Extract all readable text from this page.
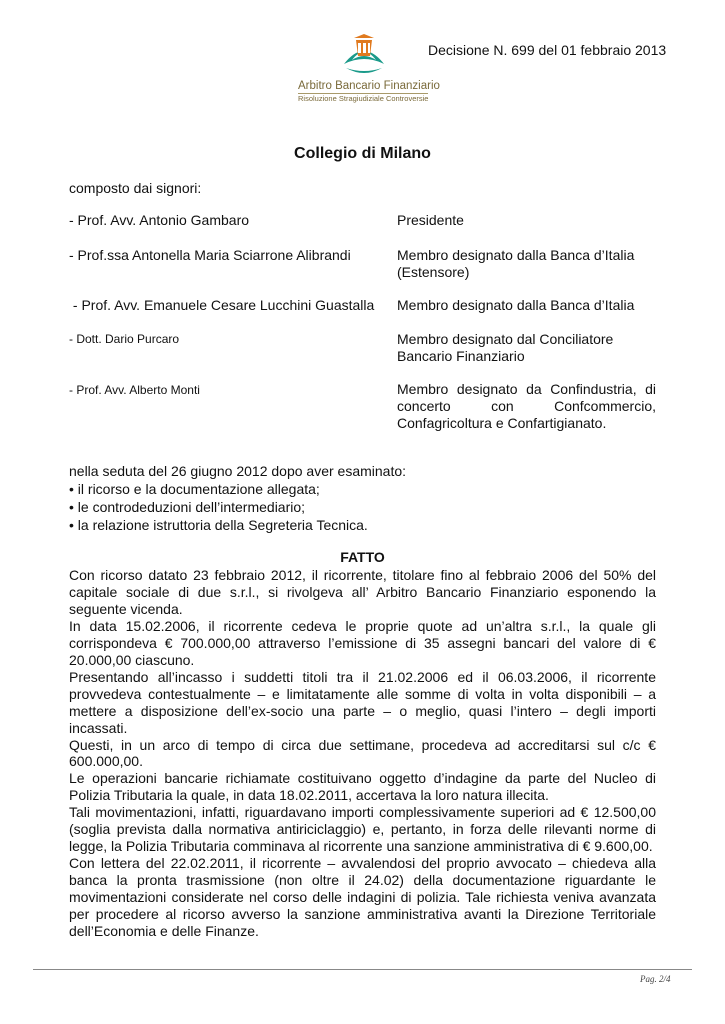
Decisione N. 699 del 01 febbraio 2013
Arbitro Bancario Finanziario
Risoluzione Stragiudiziale Controversie
Collegio di Milano
composto dai signori:
- Prof. Avv. Antonio Gambaro	Presidente
- Prof.ssa Antonella Maria Sciarrone Alibrandi	Membro designato dalla Banca d’Italia
(Estensore)
- Prof. Avv. Emanuele Cesare Lucchini Guastalla	Membro designato dalla Banca d’Italia
- Dott. Dario Purcaro	Membro designato dal Conciliatore
Bancario Finanziario
- Prof. Avv. Alberto Monti	Membro designato da Confindustria, di
concerto con Confcommercio,
Confagricoltura e Confartigianato.
nella seduta del 26 giugno 2012 dopo aver esaminato:
• il ricorso e la documentazione allegata;
• le controdeduzioni dell’intermediario;
• la relazione istruttoria della Segreteria Tecnica.
FATTO
Con ricorso datato 23 febbraio 2012, il ricorrente, titolare fino al febbraio 2006 del 50% del capitale sociale di due s.r.l., si rivolgeva all’ Arbitro Bancario Finanziario esponendo la seguente vicenda.
In data 15.02.2006, il ricorrente cedeva le proprie quote ad un’altra s.r.l., la quale gli corrispondeva € 700.000,00 attraverso l’emissione di 35 assegni bancari del valore di € 20.000,00 ciascuno.
Presentando all’incasso i suddetti titoli tra il 21.02.2006 ed il 06.03.2006, il ricorrente provvedeva contestualmente – e limitatamente alle somme di volta in volta disponibili – a mettere a disposizione dell’ex-socio una parte – o meglio, quasi l’intero – degli importi incassati.
Questi, in un arco di tempo di circa due settimane, procedeva ad accreditarsi sul c/c € 600.000,00.
Le operazioni bancarie richiamate costituivano oggetto d’indagine da parte del Nucleo di Polizia Tributaria la quale, in data 18.02.2011, accertava la loro natura illecita.
Tali movimentazioni, infatti, riguardavano importi complessivamente superiori ad € 12.500,00 (soglia prevista dalla normativa antiriciclaggio) e, pertanto, in forza delle rilevanti norme di legge, la Polizia Tributaria comminava al ricorrente una sanzione amministrativa di € 9.600,00.
Con lettera del 22.02.2011, il ricorrente – avvalendosi del proprio avvocato – chiedeva alla banca la pronta trasmissione (non oltre il 24.02) della documentazione riguardante le movimentazioni considerate nel corso delle indagini di polizia. Tale richiesta veniva avanzata per procedere al ricorso avverso la sanzione amministrativa avanti la Direzione Territoriale dell’Economia e delle Finanze.
Pag. 2/4
